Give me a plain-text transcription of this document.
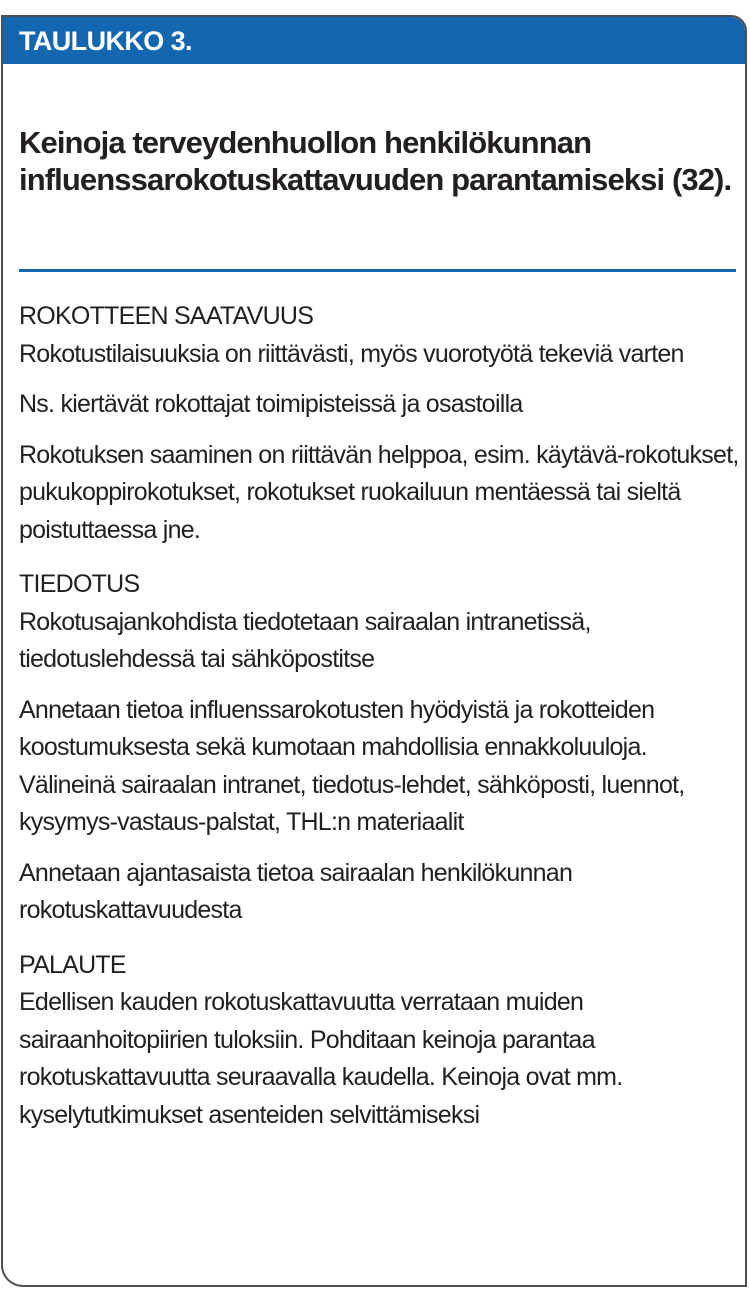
TAULUKKO 3.
Keinoja terveydenhuollon henkilökunnan influenssarokotuskattavuuden parantamiseksi (32).
ROKOTTEEN SAATAVUUS
Rokotustilaisuuksia on riittävästi, myös vuorotyötä tekeviä varten
Ns. kiertävät rokottajat toimipisteissä ja osastoilla
Rokotuksen saaminen on riittävän helppoa, esim. käytävä-rokotukset, pukukoppirokotukset, rokotukset ruokailuun mentäessä tai sieltä poistuttaessa jne.
TIEDOTUS
Rokotusajankohdista tiedotetaan sairaalan intranetissä, tiedotuslehdessä tai sähköpostitse
Annetaan tietoa influenssarokotusten hyödyistä ja rokotteiden koostumuksesta sekä kumotaan mahdollisia ennakkoluuloja. Välineinä sairaalan intranet, tiedotus-lehdet, sähköposti, luennot, kysymys-vastaus-palstat, THL:n materiaalit
Annetaan ajantasaista tietoa sairaalan henkilökunnan rokotuskattavuudesta
PALAUTE
Edellisen kauden rokotuskattavuutta verrataan muiden sairaanhoitopiirien tuloksiin. Pohditaan keinoja parantaa rokotuskattavuutta seuraavalla kaudella. Keinoja ovat mm. kyselytutkimukset asenteiden selvittämiseksi
